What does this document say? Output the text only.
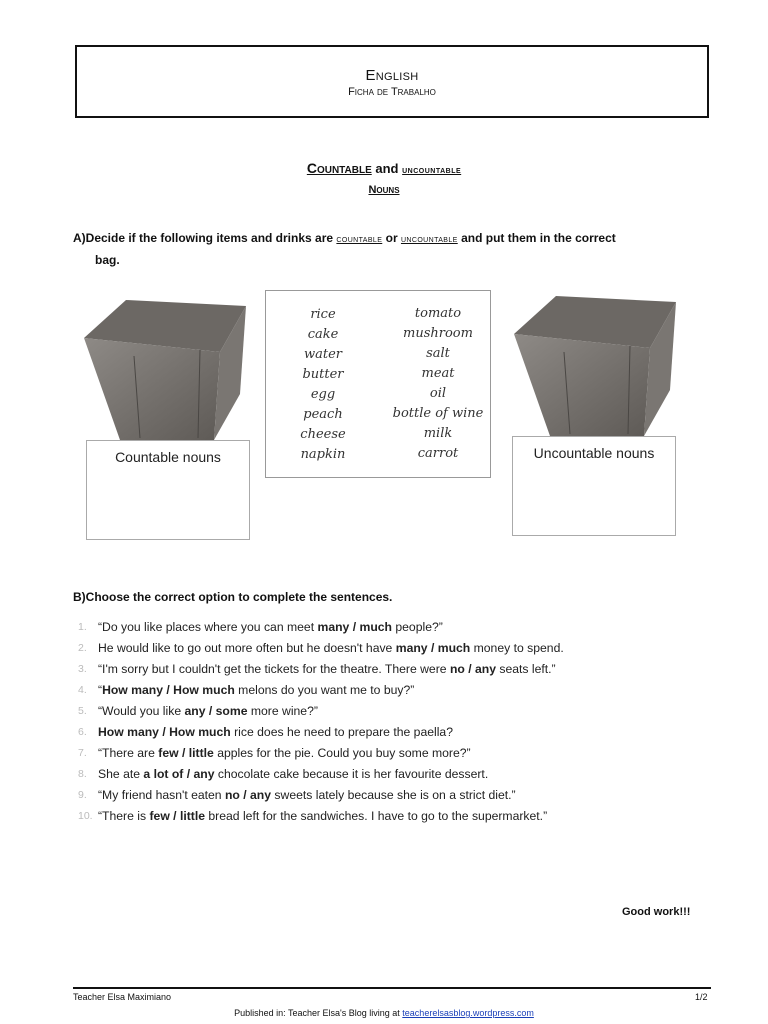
English
Ficha de Trabalho
Countable and uncountable
Nouns
A)Decide if the following items and drinks are countable or uncountable and put them in the correct
bag.
Countable nouns
rice
cake
water
butter
egg
peach
cheese
napkin
tomato
mushroom
salt
meat
oil
bottle of wine
milk
carrot	Uncountable nouns
B)Choose the correct option to complete the sentences.
1. “Do you like places where you can meet many / much people?”
2. He would like to go out more often but he doesn't have many / much money to spend.
3. “I'm sorry but I couldn't get the tickets for the theatre. There were no / any seats left.”
4. “How many / How much melons do you want me to buy?”
5. “Would you like any / some more wine?”
6. How many / How much rice does he need to prepare the paella?
7. “There are few / little apples for the pie. Could you buy some more?”
8. She ate a lot of / any chocolate cake because it is her favourite dessert.
9. “My friend hasn't eaten no / any sweets lately because she is on a strict diet.”
10. “There is few / little bread left for the sandwiches. I have to go to the supermarket.”
Good work!!!
Teacher Elsa Maximiano	1/2
Published in: Teacher Elsa's Blog living at teacherelsasblog.wordpress.com
